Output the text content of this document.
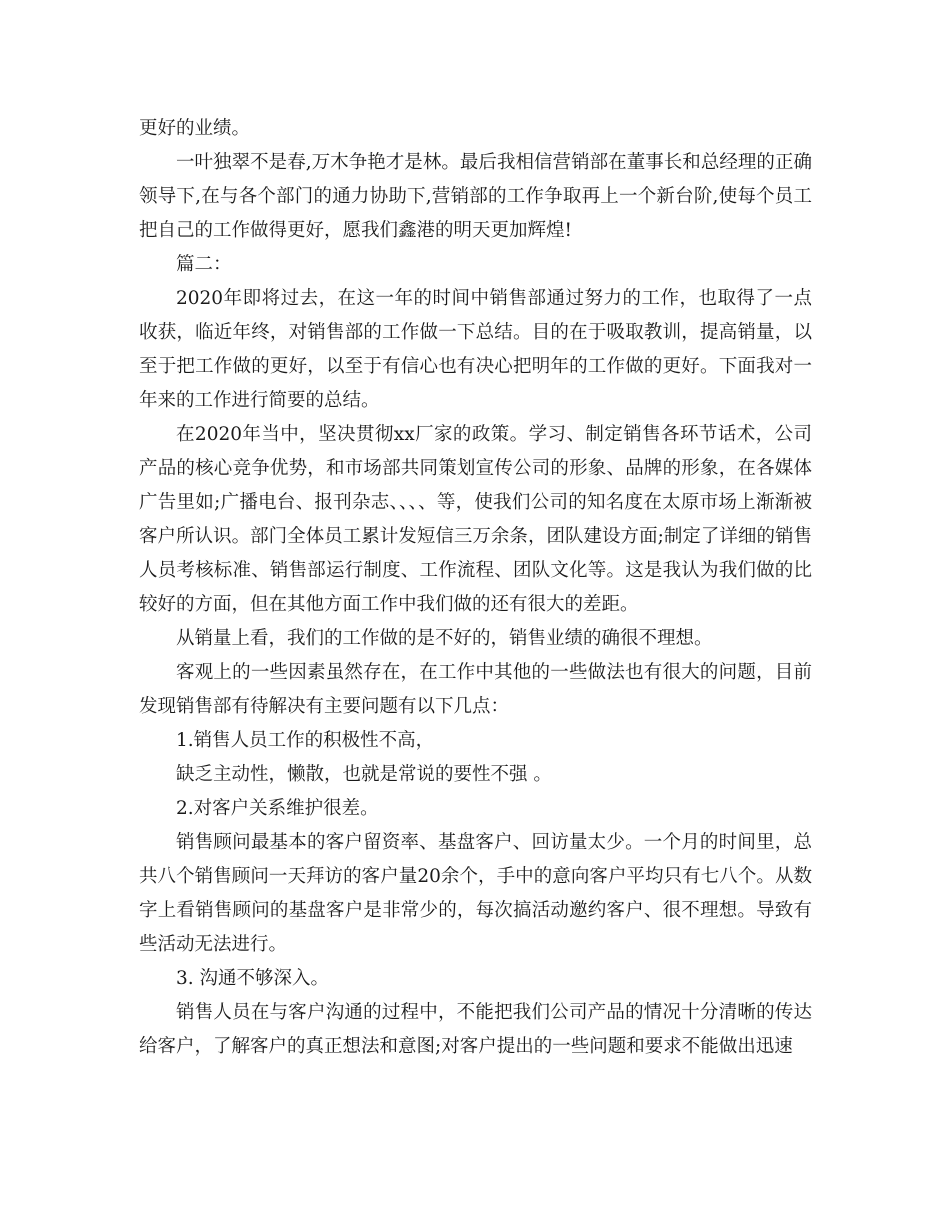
更好的业绩。

一叶独翠不是春,万木争艳才是林。最后我相信营销部在董事长和总经理的正确领导下,在与各个部门的通力协助下,营销部的工作争取再上一个新台阶,使每个员工把自己的工作做得更好，愿我们鑫港的明天更加辉煌!

篇二：

2020年即将过去，在这一年的时间中销售部通过努力的工作，也取得了一点收获，临近年终，对销售部的工作做一下总结。目的在于吸取教训，提高销量，以至于把工作做的更好，以至于有信心也有决心把明年的工作做的更好。下面我对一年来的工作进行简要的总结。

在2020年当中，坚决贯彻xx厂家的政策。学习、制定销售各环节话术，公司产品的核心竞争优势，和市场部共同策划宣传公司的形象、品牌的形象，在各媒体广告里如;广播电台、报刊杂志、、、、等，使我们公司的知名度在太原市场上渐渐被客户所认识。部门全体员工累计发短信三万余条，团队建设方面;制定了详细的销售人员考核标准、销售部运行制度、工作流程、团队文化等。这是我认为我们做的比较好的方面，但在其他方面工作中我们做的还有很大的差距。

从销量上看，我们的工作做的是不好的，销售业绩的确很不理想。

客观上的一些因素虽然存在，在工作中其他的一些做法也有很大的问题，目前发现销售部有待解决有主要问题有以下几点：

1.销售人员工作的积极性不高，

缺乏主动性，懒散，也就是常说的要性不强 。

2.对客户关系维护很差。

销售顾问最基本的客户留资率、基盘客户、回访量太少。一个月的时间里，总共八个销售顾问一天拜访的客户量20余个，手中的意向客户平均只有七八个。从数字上看销售顾问的基盘客户是非常少的，每次搞活动邀约客户、很不理想。导致有些活动无法进行。

3. 沟通不够深入。

销售人员在与客户沟通的过程中，不能把我们公司产品的情况十分清晰的传达给客户，了解客户的真正想法和意图;对客户提出的一些问题和要求不能做出迅速
